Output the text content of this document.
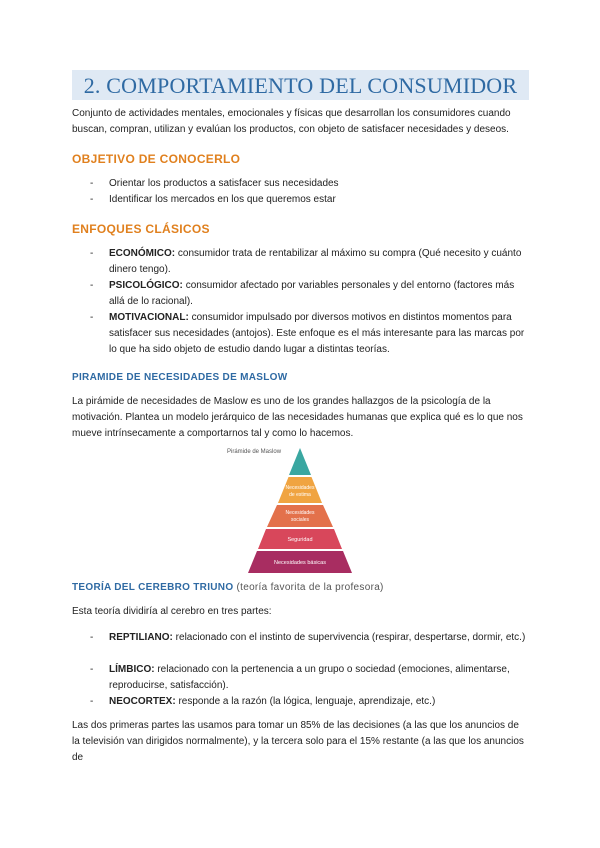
2. COMPORTAMIENTO DEL CONSUMIDOR
Conjunto de actividades mentales, emocionales y físicas que desarrollan los consumidores cuando buscan, compran, utilizan y evalúan los productos, con objeto de satisfacer necesidades y deseos.
OBJETIVO DE CONOCERLO
- Orientar los productos a satisfacer sus necesidades
- Identificar los mercados en los que queremos estar
ENFOQUES CLÁSICOS
- ECONÓMICO: consumidor trata de rentabilizar al máximo su compra (Qué necesito y cuánto dinero tengo).
- PSICOLÓGICO: consumidor afectado por variables personales y del entorno (factores más allá de lo racional).
- MOTIVACIONAL: consumidor impulsado por diversos motivos en distintos momentos para satisfacer sus necesidades (antojos). Este enfoque es el más interesante para las marcas por lo que ha sido objeto de estudio dando lugar a distintas teorías.
PIRAMIDE DE NECESIDADES DE MASLOW
La pirámide de necesidades de Maslow es uno de los grandes hallazgos de la psicología de la motivación. Plantea un modelo jerárquico de las necesidades humanas que explica qué es lo que nos mueve intrínsecamente a comportarnos tal y como lo hacemos.
Pirámide de Maslow
Necesidades
de estima
Necesidades
sociales
Seguridad
Necesidades básicas
TEORÍA DEL CEREBRO TRIUNO (teoría favorita de la profesora)
Esta teoría dividiría al cerebro en tres partes:
- REPTILIANO: relacionado con el instinto de supervivencia (respirar, despertarse, dormir, etc.)
- LÍMBICO: relacionado con la pertenencia a un grupo o sociedad (emociones, alimentarse, reproducirse, satisfacción).
- NEOCORTEX: responde a la razón (la lógica, lenguaje, aprendizaje, etc.)
Las dos primeras partes las usamos para tomar un 85% de las decisiones (a las que los anuncios de la televisión van dirigidos normalmente), y la tercera solo para el 15% restante (a las que los anuncios de
